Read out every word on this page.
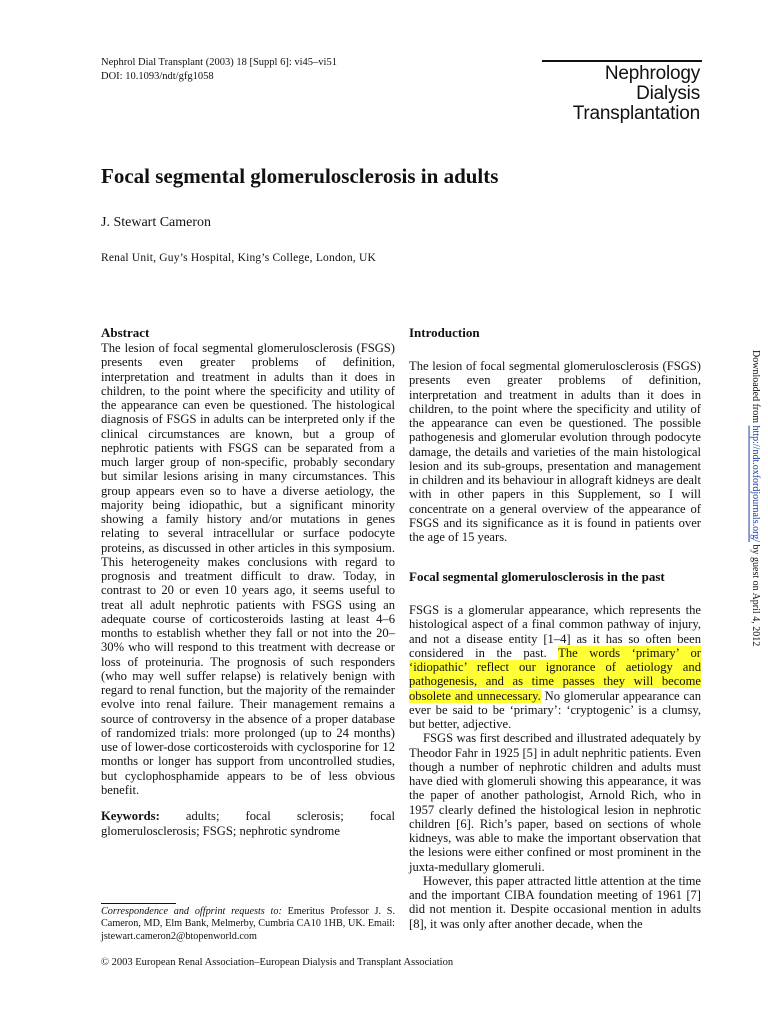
Nephrol Dial Transplant (2003) 18 [Suppl 6]: vi45–vi51
DOI: 10.1093/ndt/gfg1058	Nephrology
Dialysis
Transplantation
Focal segmental glomerulosclerosis in adults
J. Stewart Cameron
Renal Unit, Guy’s Hospital, King’s College, London, UK
Abstract

The lesion of focal segmental glomerulosclerosis (FSGS) presents even greater problems of definition, interpretation and treatment in adults than it does in children, to the point where the specificity and utility of the appearance can even be questioned. The histological diagnosis of FSGS in adults can be interpreted only if the clinical circumstances are known, but a group of nephrotic patients with FSGS can be separated from a much larger group of non-specific, probably secondary but similar lesions arising in many circumstances. This group appears even so to have a diverse aetiology, the majority being idiopathic, but a significant minority showing a family history and/or mutations in genes relating to several intracellular or surface podocyte proteins, as discussed in other articles in this symposium. This heterogeneity makes conclusions with regard to prognosis and treatment difficult to draw. Today, in contrast to 20 or even 10 years ago, it seems useful to treat all adult nephrotic patients with FSGS using an adequate course of corticosteroids lasting at least 4–6 months to establish whether they fall or not into the 20–30% who will respond to this treatment with decrease or loss of proteinuria. The prognosis of such responders (who may well suffer relapse) is relatively benign with regard to renal function, but the majority of the remainder evolve into renal failure. Their management remains a source of controversy in the absence of a proper database of randomized trials: more prolonged (up to 24 months) use of lower-dose corticosteroids with cyclosporine for 12 months or longer has support from uncontrolled studies, but cyclophosphamide appears to be of less obvious benefit.

Keywords: adults; focal sclerosis; focal glomerulosclerosis; FSGS; nephrotic syndrome
Correspondence and offprint requests to: Emeritus Professor J. S. Cameron, MD, Elm Bank, Melmerby, Cumbria CA10 1HB, UK. Email: jstewart.cameron2@btopenworld.com
Introduction

The lesion of focal segmental glomerulosclerosis (FSGS) presents even greater problems of definition, interpretation and treatment in adults than it does in children, to the point where the specificity and utility of the appearance can even be questioned. The possible pathogenesis and glomerular evolution through podocyte damage, the details and varieties of the main histological lesion and its sub-groups, presentation and management in children and its behaviour in allograft kidneys are dealt with in other papers in this Supplement, so I will concentrate on a general overview of the appearance of FSGS and its significance as it is found in patients over the age of 15 years.

Focal segmental glomerulosclerosis in the past

FSGS is a glomerular appearance, which represents the histological aspect of a final common pathway of injury, and not a disease entity [1–4] as it has so often been considered in the past. The words ‘primary’ or ‘idiopathic’ reflect our ignorance of aetiology and pathogenesis, and as time passes they will become obsolete and unnecessary. No glomerular appearance can ever be said to be ‘primary’: ‘cryptogenic’ is a clumsy, but better, adjective.

FSGS was first described and illustrated adequately by Theodor Fahr in 1925 [5] in adult nephritic patients. Even though a number of nephrotic children and adults must have died with glomeruli showing this appearance, it was the paper of another pathologist, Arnold Rich, who in 1957 clearly defined the histological lesion in nephrotic children [6]. Rich’s paper, based on sections of whole kidneys, was able to make the important observation that the lesions were either confined or most prominent in the juxta-medullary glomeruli.

However, this paper attracted little attention at the time and the important CIBA foundation meeting of 1961 [7] did not mention it. Despite occasional mention in adults [8], it was only after another decade, when the

© 2003 European Renal Association–European Dialysis and Transplant Association
Downloaded from http://ndt.oxfordjournals.org/ by guest on April 4, 2012
